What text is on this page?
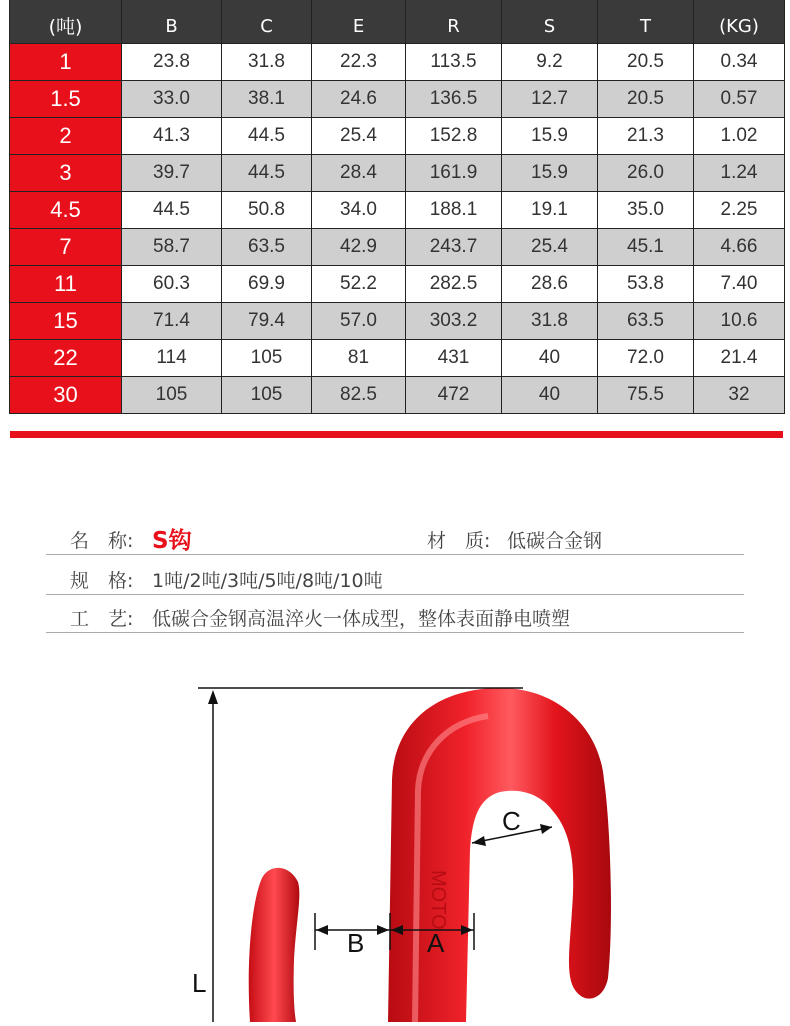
(吨)	B	C	E	R	S	T	(KG)
1	23.8	31.8	22.3	113.5	9.2	20.5	0.34
1.5	33.0	38.1	24.6	136.5	12.7	20.5	0.57
2	41.3	44.5	25.4	152.8	15.9	21.3	1.02
3	39.7	44.5	28.4	161.9	15.9	26.0	1.24
4.5	44.5	50.8	34.0	188.1	19.1	35.0	2.25
7	58.7	63.5	42.9	243.7	25.4	45.1	4.66
11	60.3	69.9	52.2	282.5	28.6	53.8	7.40
15	71.4	79.4	57.0	303.2	31.8	63.5	10.6
22	114	105	81	431	40	72.0	21.4
30	105	105	82.5	472	40	75.5	32
名　称: S钩	材　质: 低碳合金钢
规　格: 1吨/2吨/3吨/5吨/8吨/10吨
工　艺: 低碳合金钢高温淬火一体成型，整体表面静电喷塑
MOTO
L
B A
C
